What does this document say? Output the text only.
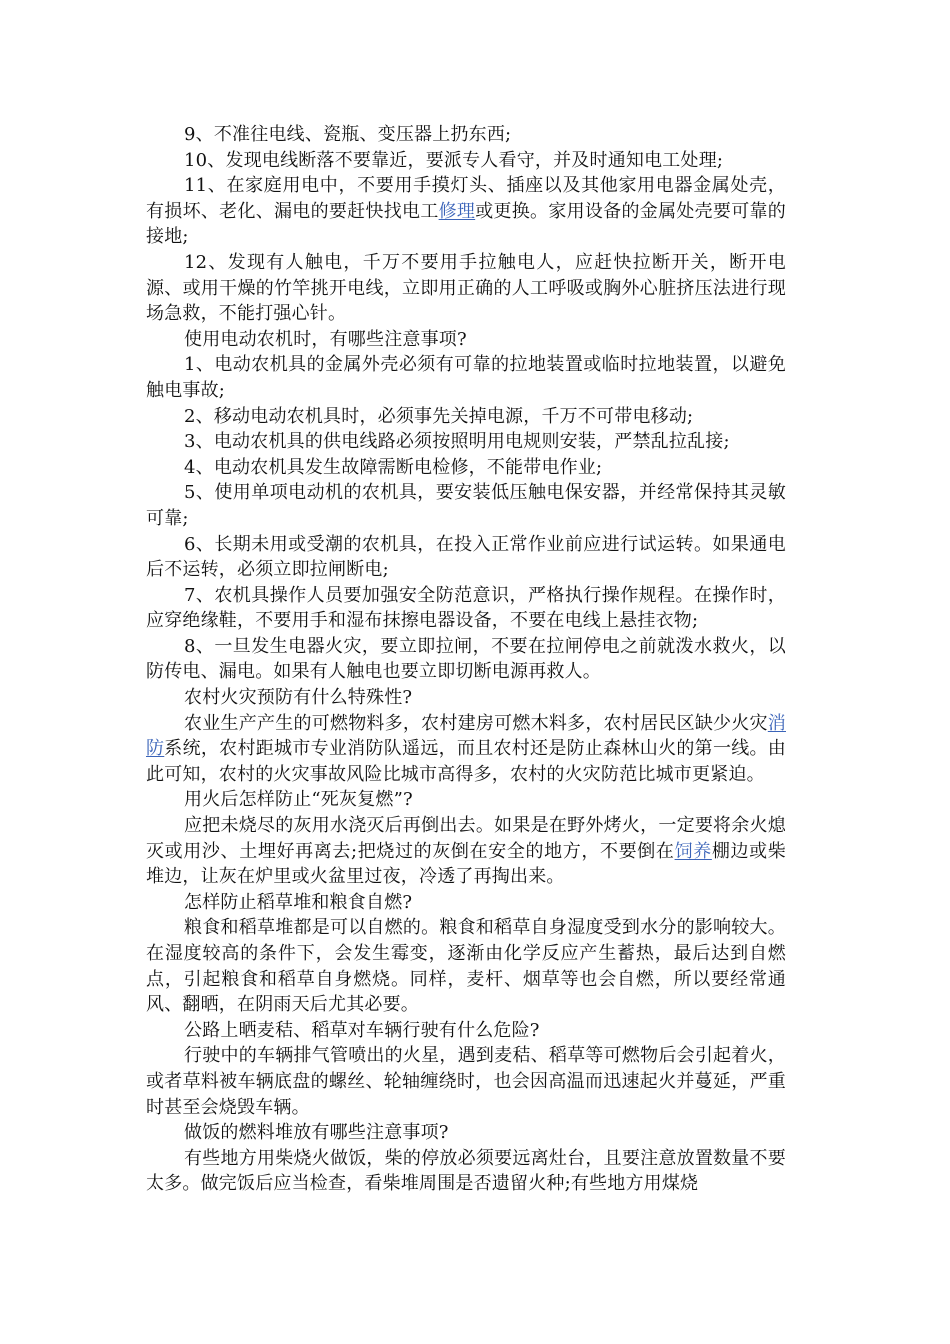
9、不准往电线、瓷瓶、变压器上扔东西;

10、发现电线断落不要靠近，要派专人看守，并及时通知电工处理;

11、在家庭用电中，不要用手摸灯头、插座以及其他家用电器金属处壳，有损坏、老化、漏电的要赶快找电工修理或更换。家用设备的金属处壳要可靠的接地;

12、发现有人触电，千万不要用手拉触电人，应赶快拉断开关，断开电源、或用干燥的竹竿挑开电线，立即用正确的人工呼吸或胸外心脏挤压法进行现场急救，不能打强心针。

使用电动农机时，有哪些注意事项?

1、电动农机具的金属外壳必须有可靠的拉地装置或临时拉地装置，以避免触电事故;

2、移动电动农机具时，必须事先关掉电源，千万不可带电移动;

3、电动农机具的供电线路必须按照明用电规则安装，严禁乱拉乱接;

4、电动农机具发生故障需断电检修，不能带电作业;

5、使用单项电动机的农机具，要安装低压触电保安器，并经常保持其灵敏可靠;

6、长期未用或受潮的农机具，在投入正常作业前应进行试运转。如果通电后不运转，必须立即拉闸断电;

7、农机具操作人员要加强安全防范意识，严格执行操作规程。在操作时，应穿绝缘鞋，不要用手和湿布抹擦电器设备，不要在电线上悬挂衣物;

8、一旦发生电器火灾，要立即拉闸，不要在拉闸停电之前就泼水救火，以防传电、漏电。如果有人触电也要立即切断电源再救人。

农村火灾预防有什么特殊性?

农业生产产生的可燃物料多，农村建房可燃木料多，农村居民区缺少火灾消防系统，农村距城市专业消防队遥远，而且农村还是防止森林山火的第一线。由此可知，农村的火灾事故风险比城市高得多，农村的火灾防范比城市更紧迫。

用火后怎样防止“死灰复燃”?

应把未烧尽的灰用水浇灭后再倒出去。如果是在野外烤火，一定要将余火熄灭或用沙、土埋好再离去;把烧过的灰倒在安全的地方，不要倒在饲养棚边或柴堆边，让灰在炉里或火盆里过夜，冷透了再掏出来。

怎样防止稻草堆和粮食自燃?

粮食和稻草堆都是可以自燃的。粮食和稻草自身湿度受到水分的影响较大。在湿度较高的条件下，会发生霉变，逐渐由化学反应产生蓄热，最后达到自燃点，引起粮食和稻草自身燃烧。同样，麦杆、烟草等也会自燃，所以要经常通风、翻晒，在阴雨天后尤其必要。

公路上晒麦秸、稻草对车辆行驶有什么危险?

行驶中的车辆排气管喷出的火星，遇到麦秸、稻草等可燃物后会引起着火，或者草料被车辆底盘的螺丝、轮轴缠绕时，也会因高温而迅速起火并蔓延，严重时甚至会烧毁车辆。

做饭的燃料堆放有哪些注意事项?

有些地方用柴烧火做饭，柴的停放必须要远离灶台，且要注意放置数量不要太多。做完饭后应当检查，看柴堆周围是否遗留火种;有些地方用煤烧
